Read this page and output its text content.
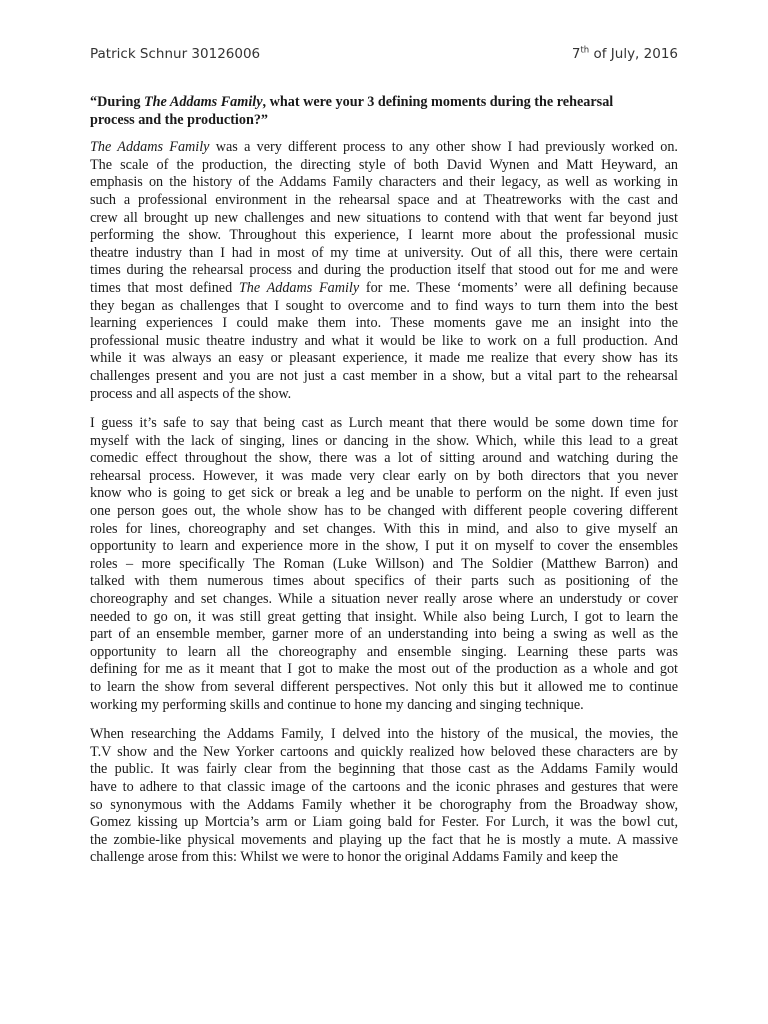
Patrick Schnur 30126006	7th of July, 2016
“During The Addams Family, what were your 3 defining moments during the rehearsal
process and the production?”
The Addams Family was a very different process to any other show I had previously worked on.
The scale of the production, the directing style of both David Wynen and Matt Heyward, an
emphasis on the history of the Addams Family characters and their legacy, as well as working in
such a professional environment in the rehearsal space and at Theatreworks with the cast and
crew all brought up new challenges and new situations to contend with that went far beyond just
performing the show. Throughout this experience, I learnt more about the professional music
theatre industry than I had in most of my time at university. Out of all this, there were certain
times during the rehearsal process and during the production itself that stood out for me and were
times that most defined The Addams Family for me. These ‘moments’ were all defining because
they began as challenges that I sought to overcome and to find ways to turn them into the best
learning experiences I could make them into. These moments gave me an insight into the
professional music theatre industry and what it would be like to work on a full production. And
while it was always an easy or pleasant experience, it made me realize that every show has its
challenges present and you are not just a cast member in a show, but a vital part to the rehearsal
process and all aspects of the show.
I guess it’s safe to say that being cast as Lurch meant that there would be some down time for
myself with the lack of singing, lines or dancing in the show. Which, while this lead to a great
comedic effect throughout the show, there was a lot of sitting around and watching during the
rehearsal process. However, it was made very clear early on by both directors that you never
know who is going to get sick or break a leg and be unable to perform on the night. If even just
one person goes out, the whole show has to be changed with different people covering different
roles for lines, choreography and set changes. With this in mind, and also to give myself an
opportunity to learn and experience more in the show, I put it on myself to cover the ensembles
roles – more specifically The Roman (Luke Willson) and The Soldier (Matthew Barron) and
talked with them numerous times about specifics of their parts such as positioning of the
choreography and set changes. While a situation never really arose where an understudy or cover
needed to go on, it was still great getting that insight. While also being Lurch, I got to learn the
part of an ensemble member, garner more of an understanding into being a swing as well as the
opportunity to learn all the choreography and ensemble singing. Learning these parts was
defining for me as it meant that I got to make the most out of the production as a whole and got
to learn the show from several different perspectives. Not only this but it allowed me to continue
working my performing skills and continue to hone my dancing and singing technique.
When researching the Addams Family, I delved into the history of the musical, the movies, the
T.V show and the New Yorker cartoons and quickly realized how beloved these characters are by
the public. It was fairly clear from the beginning that those cast as the Addams Family would
have to adhere to that classic image of the cartoons and the iconic phrases and gestures that were
so synonymous with the Addams Family whether it be chorography from the Broadway show,
Gomez kissing up Mortcia’s arm or Liam going bald for Fester. For Lurch, it was the bowl cut,
the zombie-like physical movements and playing up the fact that he is mostly a mute. A massive
challenge arose from this: Whilst we were to honor the original Addams Family and keep the
